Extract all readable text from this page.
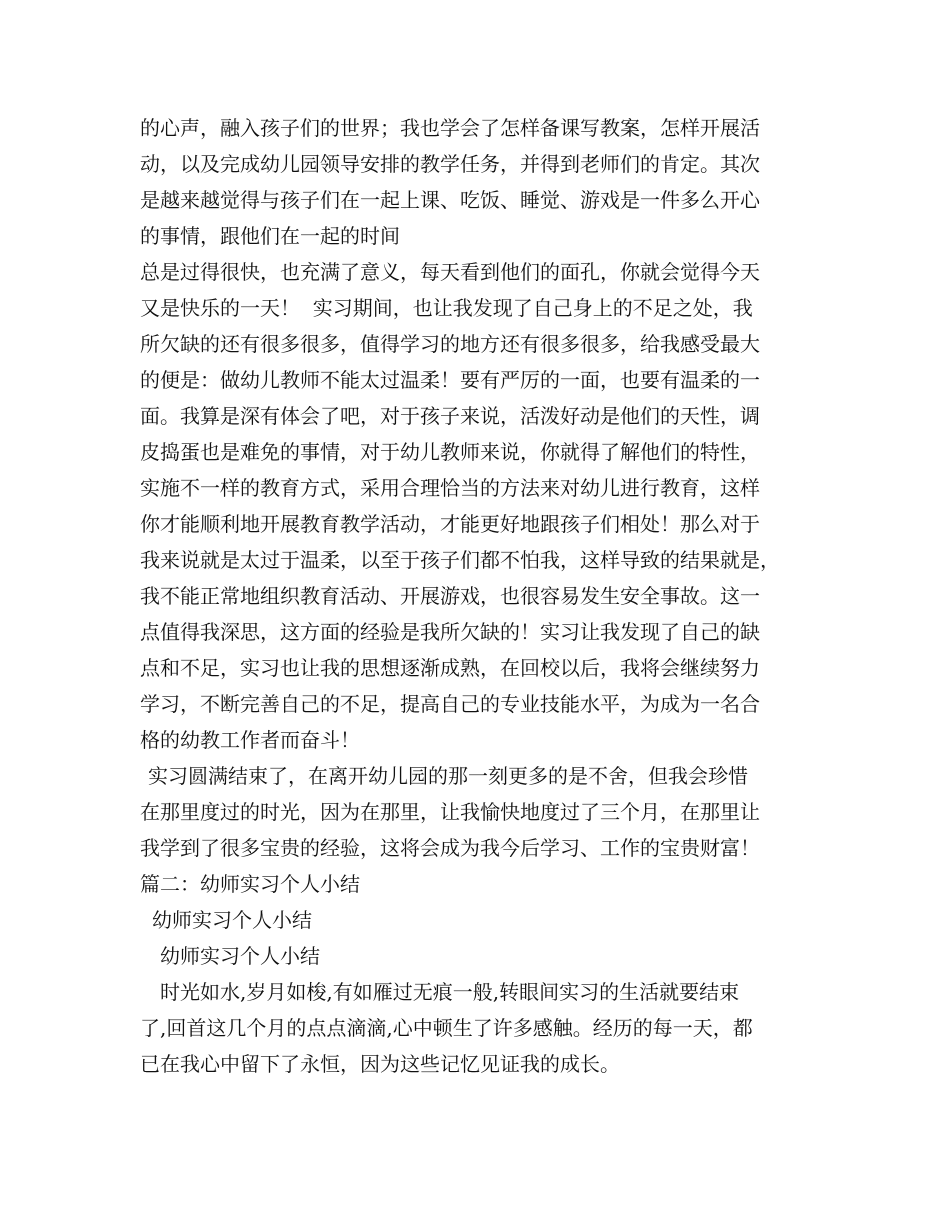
的心声，融入孩子们的世界；我也学会了怎样备课写教案，怎样开展活
动，以及完成幼儿园领导安排的教学任务，并得到老师们的肯定。其次
是越来越觉得与孩子们在一起上课、吃饭、睡觉、游戏是一件多么开心
的事情，跟他们在一起的时间
总是过得很快，也充满了意义，每天看到他们的面孔，你就会觉得今天
又是快乐的一天！  实习期间，也让我发现了自己身上的不足之处，我
所欠缺的还有很多很多，值得学习的地方还有很多很多，给我感受最大
的便是：做幼儿教师不能太过温柔！要有严厉的一面，也要有温柔的一
面。我算是深有体会了吧，对于孩子来说，活泼好动是他们的天性，调
皮捣蛋也是难免的事情，对于幼儿教师来说，你就得了解他们的特性，
实施不一样的教育方式，采用合理恰当的方法来对幼儿进行教育，这样
你才能顺利地开展教育教学活动，才能更好地跟孩子们相处！那么对于
我来说就是太过于温柔，以至于孩子们都不怕我，这样导致的结果就是，
我不能正常地组织教育活动、开展游戏，也很容易发生安全事故。这一
点值得我深思，这方面的经验是我所欠缺的！实习让我发现了自己的缺
点和不足，实习也让我的思想逐渐成熟，在回校以后，我将会继续努力
学习，不断完善自己的不足，提高自己的专业技能水平，为成为一名合
格的幼教工作者而奋斗！
实习圆满结束了，在离开幼儿园的那一刻更多的是不舍，但我会珍惜
在那里度过的时光，因为在那里，让我愉快地度过了三个月，在那里让
我学到了很多宝贵的经验，这将会成为我今后学习、工作的宝贵财富！
篇二：幼师实习个人小结
幼师实习个人小结
幼师实习个人小结
时光如水,岁月如梭,有如雁过无痕一般,转眼间实习的生活就要结束
了,回首这几个月的点点滴滴,心中顿生了许多感触。经历的每一天，都
已在我心中留下了永恒，因为这些记忆见证我的成长。
